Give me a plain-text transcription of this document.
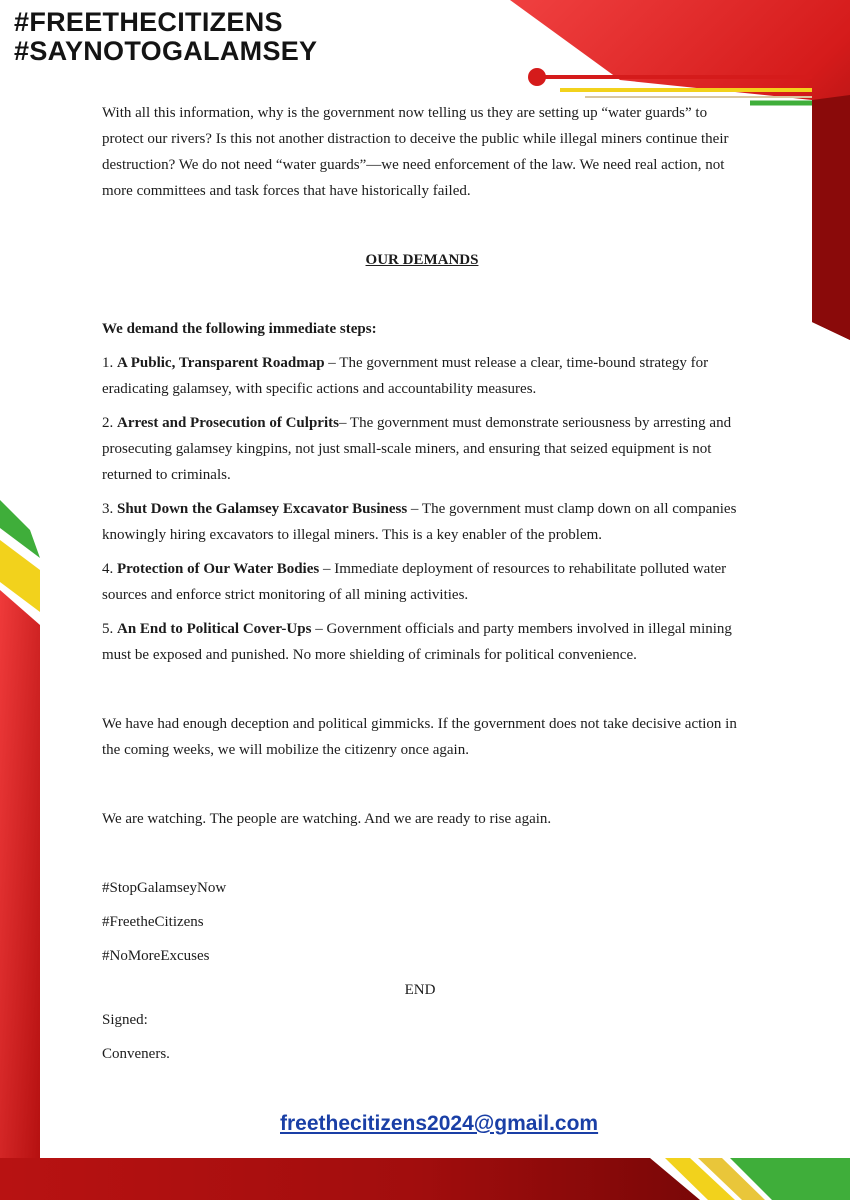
#FREETHECITIZENS
#SAYNOTOGALAMSEY

With all this information, why is the government now telling us they are setting up “water guards” to protect our rivers? Is this not another distraction to deceive the public while illegal miners continue their destruction? We do not need “water guards”—we need enforcement of the law. We need real action, not more committees and task forces that have historically failed.

OUR DEMANDS

We demand the following immediate steps:

1. A Public, Transparent Roadmap – The government must release a clear, time-bound strategy for eradicating galamsey, with specific actions and accountability measures.

2. Arrest and Prosecution of Culprits– The government must demonstrate seriousness by arresting and prosecuting galamsey kingpins, not just small-scale miners, and ensuring that seized equipment is not returned to criminals.

3. Shut Down the Galamsey Excavator Business – The government must clamp down on all companies knowingly hiring excavators to illegal miners. This is a key enabler of the problem.

4. Protection of Our Water Bodies – Immediate deployment of resources to rehabilitate polluted water sources and enforce strict monitoring of all mining activities.

5. An End to Political Cover-Ups – Government officials and party members involved in illegal mining must be exposed and punished. No more shielding of criminals for political convenience.

We have had enough deception and political gimmicks. If the government does not take decisive action in the coming weeks, we will mobilize the citizenry once again.

We are watching. The people are watching. And we are ready to rise again.

#StopGalamseyNow

#FreetheCitizens

#NoMoreExcuses

END

Signed:

Conveners.

freethecitizens2024@gmail.com
